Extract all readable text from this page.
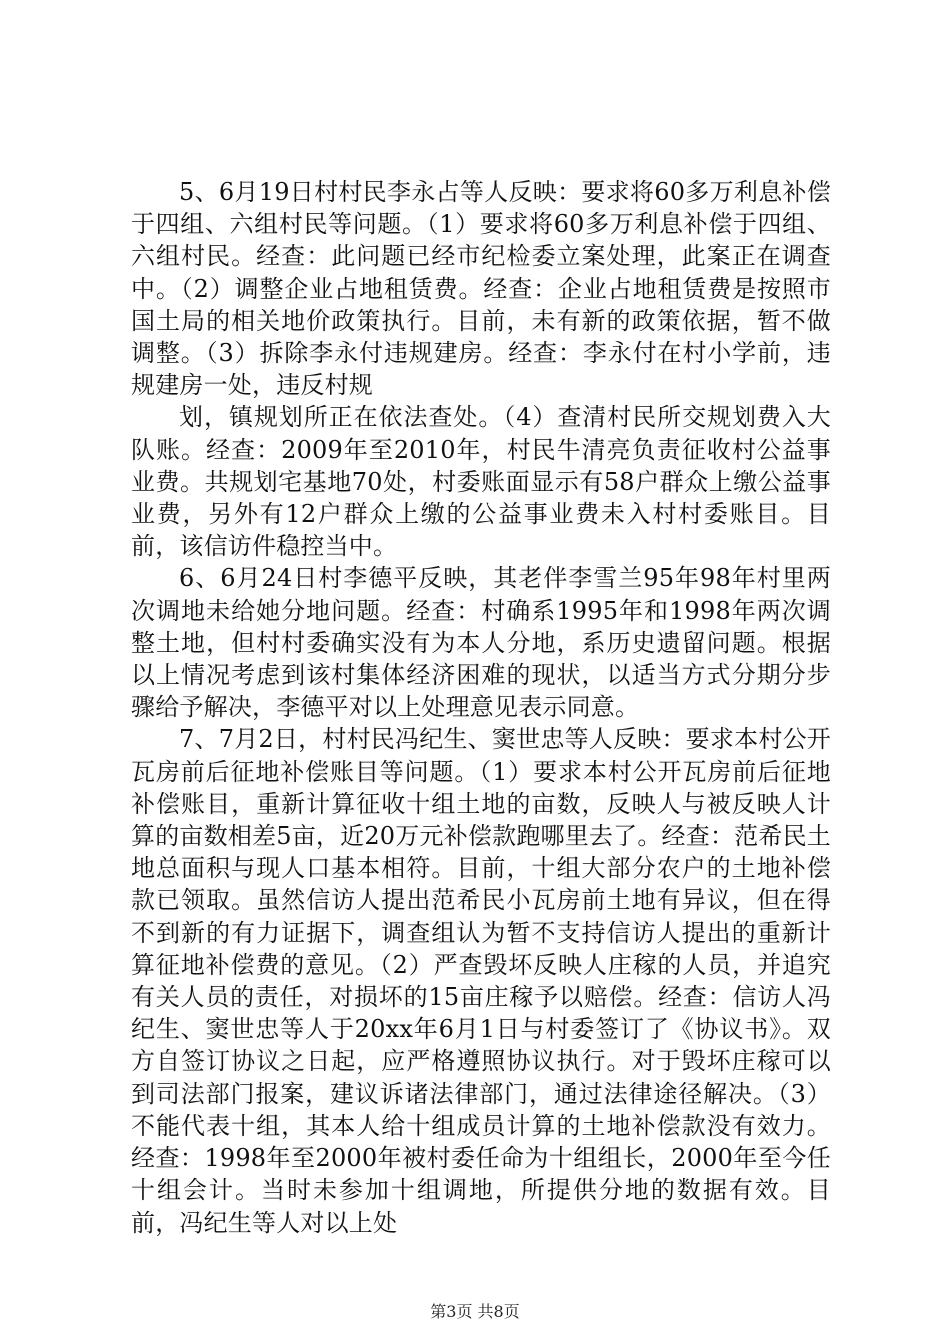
5、6月19日村村民李永占等人反映：要求将60多万利息补偿于四组、六组村民等问题。（1）要求将60多万利息补偿于四组、六组村民。经查：此问题已经市纪检委立案处理，此案正在调查中。（2）调整企业占地租赁费。经查：企业占地租赁费是按照市国土局的相关地价政策执行。目前，未有新的政策依据，暂不做调整。（3）拆除李永付违规建房。经查：李永付在村小学前，违规建房一处，违反村规

划，镇规划所正在依法查处。（4）查清村民所交规划费入大队账。经查：2009年至2010年，村民牛清亮负责征收村公益事业费。共规划宅基地70处，村委账面显示有58户群众上缴公益事业费，另外有12户群众上缴的公益事业费未入村村委账目。目前，该信访件稳控当中。

6、6月24日村李德平反映，其老伴李雪兰95年98年村里两次调地未给她分地问题。经查：村确系1995年和1998年两次调整土地，但村村委确实没有为本人分地，系历史遗留问题。根据以上情况考虑到该村集体经济困难的现状，以适当方式分期分步骤给予解决，李德平对以上处理意见表示同意。

7、7月2日，村村民冯纪生、窦世忠等人反映：要求本村公开瓦房前后征地补偿账目等问题。（1）要求本村公开瓦房前后征地补偿账目，重新计算征收十组土地的亩数，反映人与被反映人计算的亩数相差5亩，近20万元补偿款跑哪里去了。经查：范希民土地总面积与现人口基本相符。目前，十组大部分农户的土地补偿款已领取。虽然信访人提出范希民小瓦房前土地有异议，但在得不到新的有力证据下，调查组认为暂不支持信访人提出的重新计算征地补偿费的意见。（2）严查毁坏反映人庄稼的人员，并追究有关人员的责任，对损坏的15亩庄稼予以赔偿。经查：信访人冯纪生、窦世忠等人于20xx年6月1日与村委签订了《协议书》。双方自签订协议之日起，应严格遵照协议执行。对于毁坏庄稼可以到司法部门报案，建议诉诸法律部门，通过法律途径解决。（3）不能代表十组，其本人给十组成员计算的土地补偿款没有效力。经查：1998年至2000年被村委任命为十组组长，2000年至今任十组会计。当时未参加十组调地，所提供分地的数据有效。目前，冯纪生等人对以上处

第3页 共8页
